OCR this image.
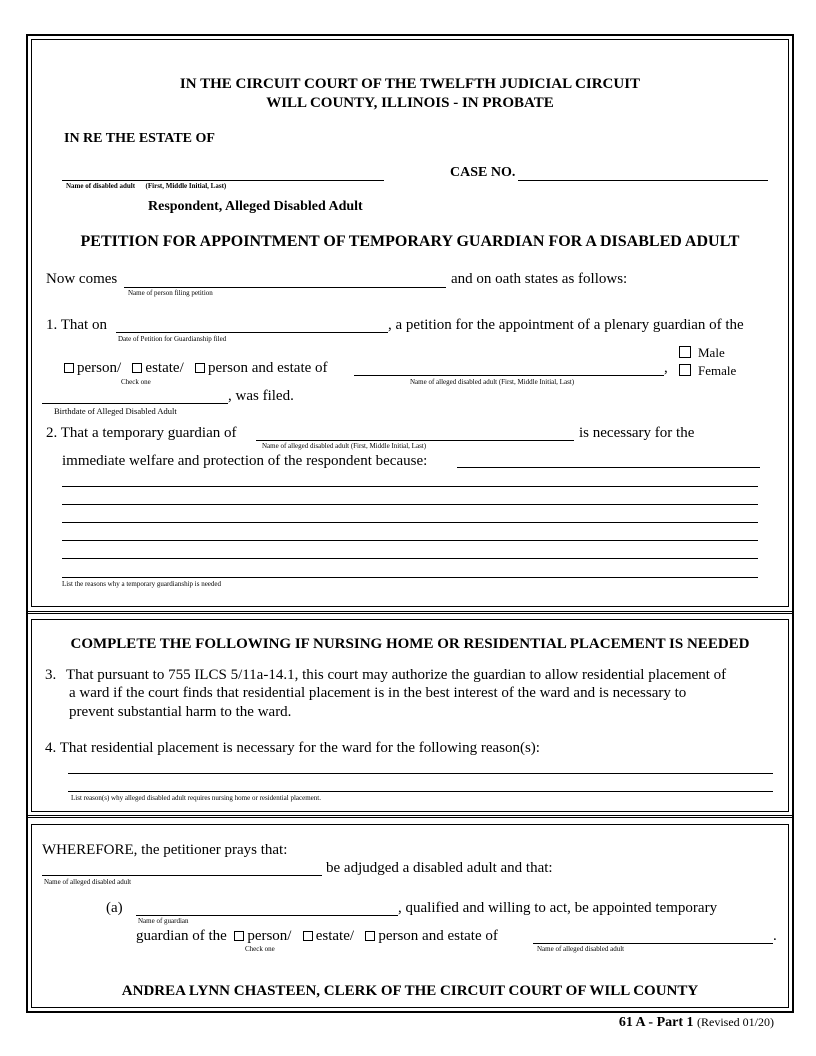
IN THE CIRCUIT COURT OF THE TWELFTH JUDICIAL CIRCUIT
WILL COUNTY, ILLINOIS - IN PROBATE
IN RE THE ESTATE OF
Name of disabled adult      (First, Middle Initial, Last)
Respondent, Alleged Disabled Adult
CASE NO.
PETITION FOR APPOINTMENT OF TEMPORARY GUARDIAN FOR A DISABLED ADULT
Now comes
Name of person filing petition
and on oath states as follows:
1. That on
Date of Petition for Guardianship filed
, a petition for the appointment of a plenary guardian of the
person/ estate/ person and estate of
Check one	Name of alleged disabled adult (First, Middle Initial, Last)
,
Male
Female
, was filed.
Birthdate of Alleged Disabled Adult
2. That a temporary guardian of
Name of alleged disabled adult (First, Middle Initial, Last)
is necessary for the
immediate welfare and protection of the respondent because:
List the reasons why a temporary guardianship is needed
COMPLETE THE FOLLOWING IF NURSING HOME OR RESIDENTIAL PLACEMENT IS NEEDED
3. That pursuant to 755 ILCS 5/11a-14.1, this court may authorize the guardian to allow residential placement of
a ward if the court finds that residential placement is in the best interest of the ward and is necessary to
prevent substantial harm to the ward.
4. That residential placement is necessary for the ward for the following reason(s):
List reason(s) why alleged disabled adult requires nursing home or residential placement.
WHEREFORE, the petitioner prays that:
Name of alleged disabled adult
be adjudged a disabled adult and that:
(a)
Name of guardian
, qualified and willing to act, be appointed temporary
guardian of the person/ estate/ person and estate of
Check one	Name of alleged disabled adult
.
ANDREA LYNN CHASTEEN, CLERK OF THE CIRCUIT COURT OF WILL COUNTY
61 A - Part 1 (Revised 01/20)
